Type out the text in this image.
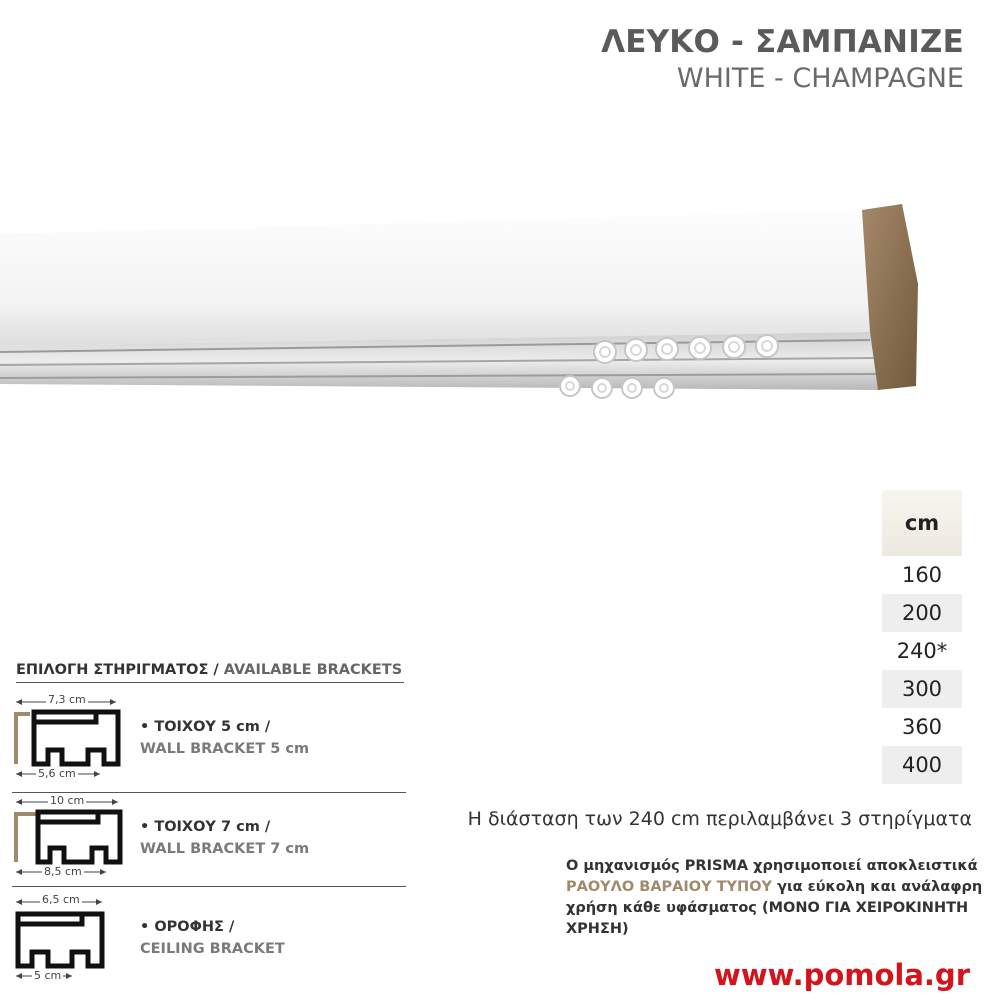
ΛΕΥΚΟ - ΣΑΜΠΑΝΙΖΕ
WHITE - CHAMPAGNE
cm
160
200
240*
300
360
400
Η διάσταση των 240 cm περιλαμβάνει 3 στηρίγματα
Ο μηχανισμός PRISMA χρησιμοποιεί αποκλειστικά ΡΑΟΥΛΟ ΒΑΡΑΙΟΥ ΤΥΠΟΥ για εύκολη και ανάλαφρη χρήση κάθε υφάσματος (ΜΟΝΟ ΓΙΑ ΧΕΙΡΟΚΙΝΗΤΗ ΧΡΗΣΗ)
ΕΠΙΛΟΓΗ ΣΤΗΡΙΓΜΑΤΟΣ / AVAILABLE BRACKETS
7,3 cm
5,6 cm
• ΤΟΙΧΟΥ 5 cm /
WALL BRACKET 5 cm
10 cm
8,5 cm
• ΤΟΙΧΟΥ 7 cm /
WALL BRACKET 7 cm
6,5 cm
5 cm
• ΟΡΟΦΗΣ /
CEILING BRACKET
www.pomola.gr
